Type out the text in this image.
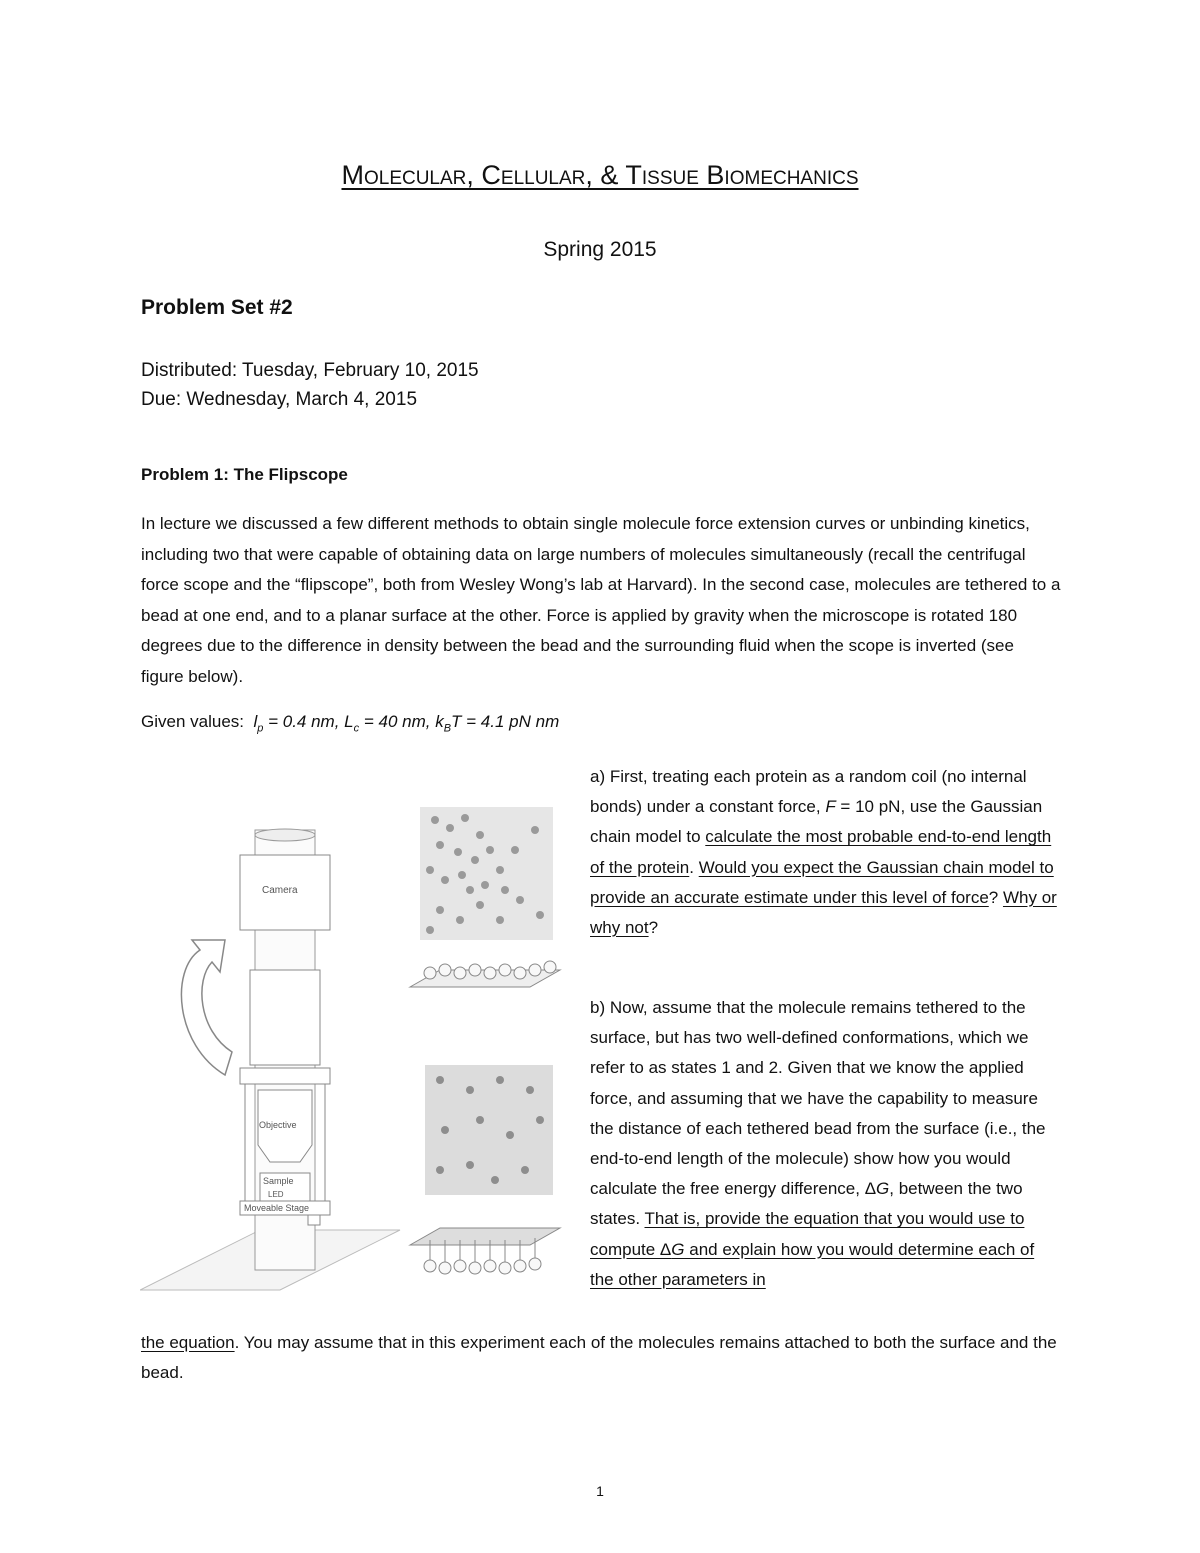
Molecular, Cellular, & Tissue Biomechanics
Spring 2015
Problem Set #2
Distributed: Tuesday, February 10, 2015
Due: Wednesday, March 4, 2015
Problem 1: The Flipscope

In lecture we discussed a few different methods to obtain single molecule force extension curves or unbinding kinetics, including two that were capable of obtaining data on large numbers of molecules simultaneously (recall the centrifugal force scope and the “flipscope”, both from Wesley Wong’s lab at Harvard). In the second case, molecules are tethered to a bead at one end, and to a planar surface at the other. Force is applied by gravity when the microscope is rotated 180 degrees due to the difference in density between the bead and the surrounding fluid when the scope is inverted (see figure below).

Given values: $l_p = 0.4$ nm, $L_c = 40$ nm, $k_BT = 4.1$ pN nm
Camera
Objective
Sample
LED
Moveable Stage

a) First, treating each protein as a random coil (no internal bonds) under a constant force, F = 10 pN, use the Gaussian chain model to calculate the most probable end-to-end length of the protein. Would you expect the Gaussian chain model to provide an accurate estimate under this level of force? Why or why not?

b) Now, assume that the molecule remains tethered to the surface, but has two well-defined conformations, which we refer to as states 1 and 2. Given that we know the applied force, and assuming that we have the capability to measure the distance of each tethered bead from the surface (i.e., the end-to-end length of the molecule) show how you would calculate the free energy difference, ΔG, between the two states. That is, provide the equation that you would use to compute ΔG and explain how you would determine each of the other parameters in

the equation. You may assume that in this experiment each of the molecules remains attached to both the surface and the bead.

1
